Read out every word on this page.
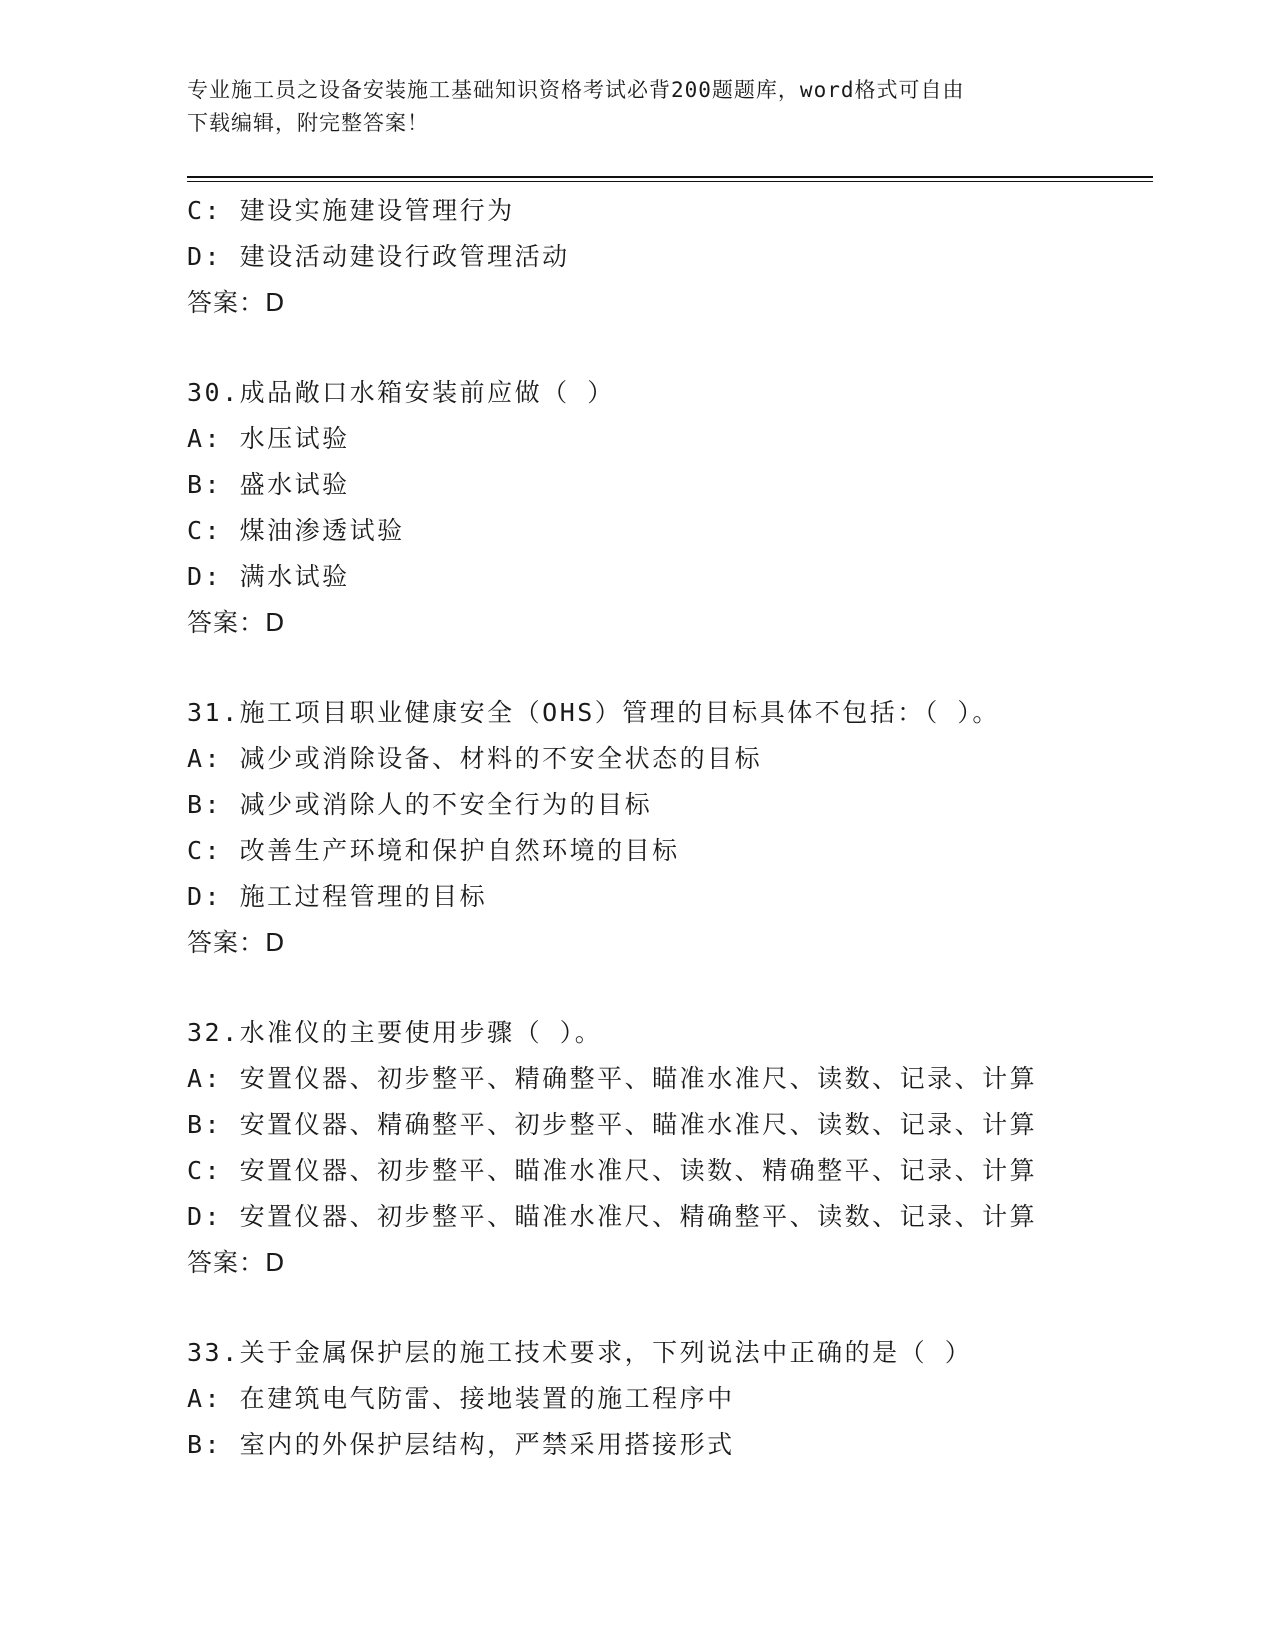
专业施工员之设备安装施工基础知识资格考试必背200题题库，word格式可自由
下载编辑，附完整答案！
C: 建设实施建设管理行为
D: 建设活动建设行政管理活动
答案：D
30.成品敞口水箱安装前应做（ ）
A: 水压试验
B: 盛水试验
C: 煤油渗透试验
D: 满水试验
答案：D
31.施工项目职业健康安全（OHS）管理的目标具体不包括：（ ）。
A: 减少或消除设备、材料的不安全状态的目标
B: 减少或消除人的不安全行为的目标
C: 改善生产环境和保护自然环境的目标
D: 施工过程管理的目标
答案：D
32.水准仪的主要使用步骤（ ）。
A: 安置仪器、初步整平、精确整平、瞄准水准尺、读数、记录、计算
B: 安置仪器、精确整平、初步整平、瞄准水准尺、读数、记录、计算
C: 安置仪器、初步整平、瞄准水准尺、读数、精确整平、记录、计算
D: 安置仪器、初步整平、瞄准水准尺、精确整平、读数、记录、计算
答案：D
33.关于金属保护层的施工技术要求，下列说法中正确的是（ ）
A: 在建筑电气防雷、接地装置的施工程序中
B: 室内的外保护层结构，严禁采用搭接形式
